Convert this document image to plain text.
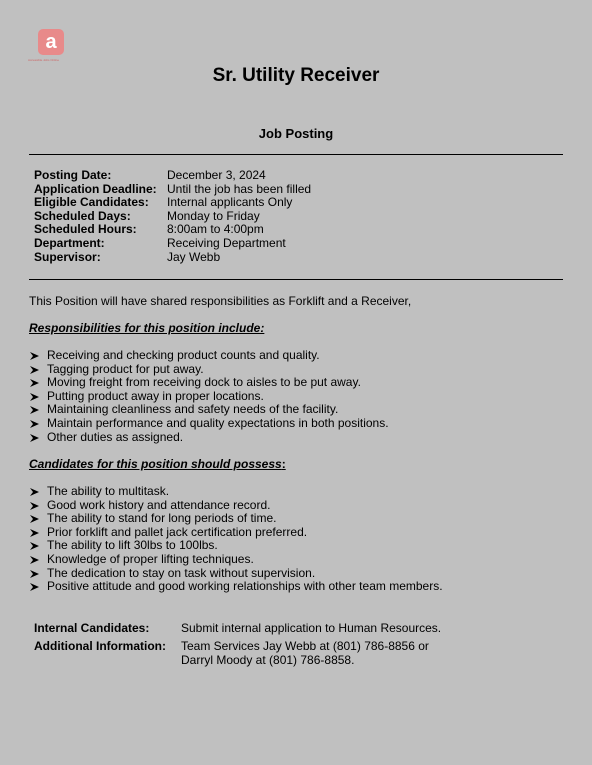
a
Accessible Jobs Online
Sr. Utility Receiver
Job Posting
Posting Date:	December 3, 2024
Application Deadline:	Until the job has been filled
Eligible Candidates:	Internal applicants Only
Scheduled Days:	Monday to Friday
Scheduled Hours:	8:00am to 4:00pm
Department:	Receiving Department
Supervisor:	Jay Webb
This Position will have shared responsibilities as Forklift and a Receiver,
Responsibilities for this position include:
Receiving and checking product counts and quality.
Tagging product for put away.
Moving freight from receiving dock to aisles to be put away.
Putting product away in proper locations.
Maintaining cleanliness and safety needs of the facility.
Maintain performance and quality expectations in both positions.
Other duties as assigned.
Candidates for this position should possess:
The ability to multitask.
Good work history and attendance record.
The ability to stand for long periods of time.
Prior forklift and pallet jack certification preferred.
The ability to lift 30lbs to 100lbs.
Knowledge of proper lifting techniques.
The dedication to stay on task without supervision.
Positive attitude and good working relationships with other team members.
Internal Candidates:	Submit internal application to Human Resources.
Additional Information:	Team Services Jay Webb at (801) 786-8856 or
Darryl Moody at (801) 786-8858.
